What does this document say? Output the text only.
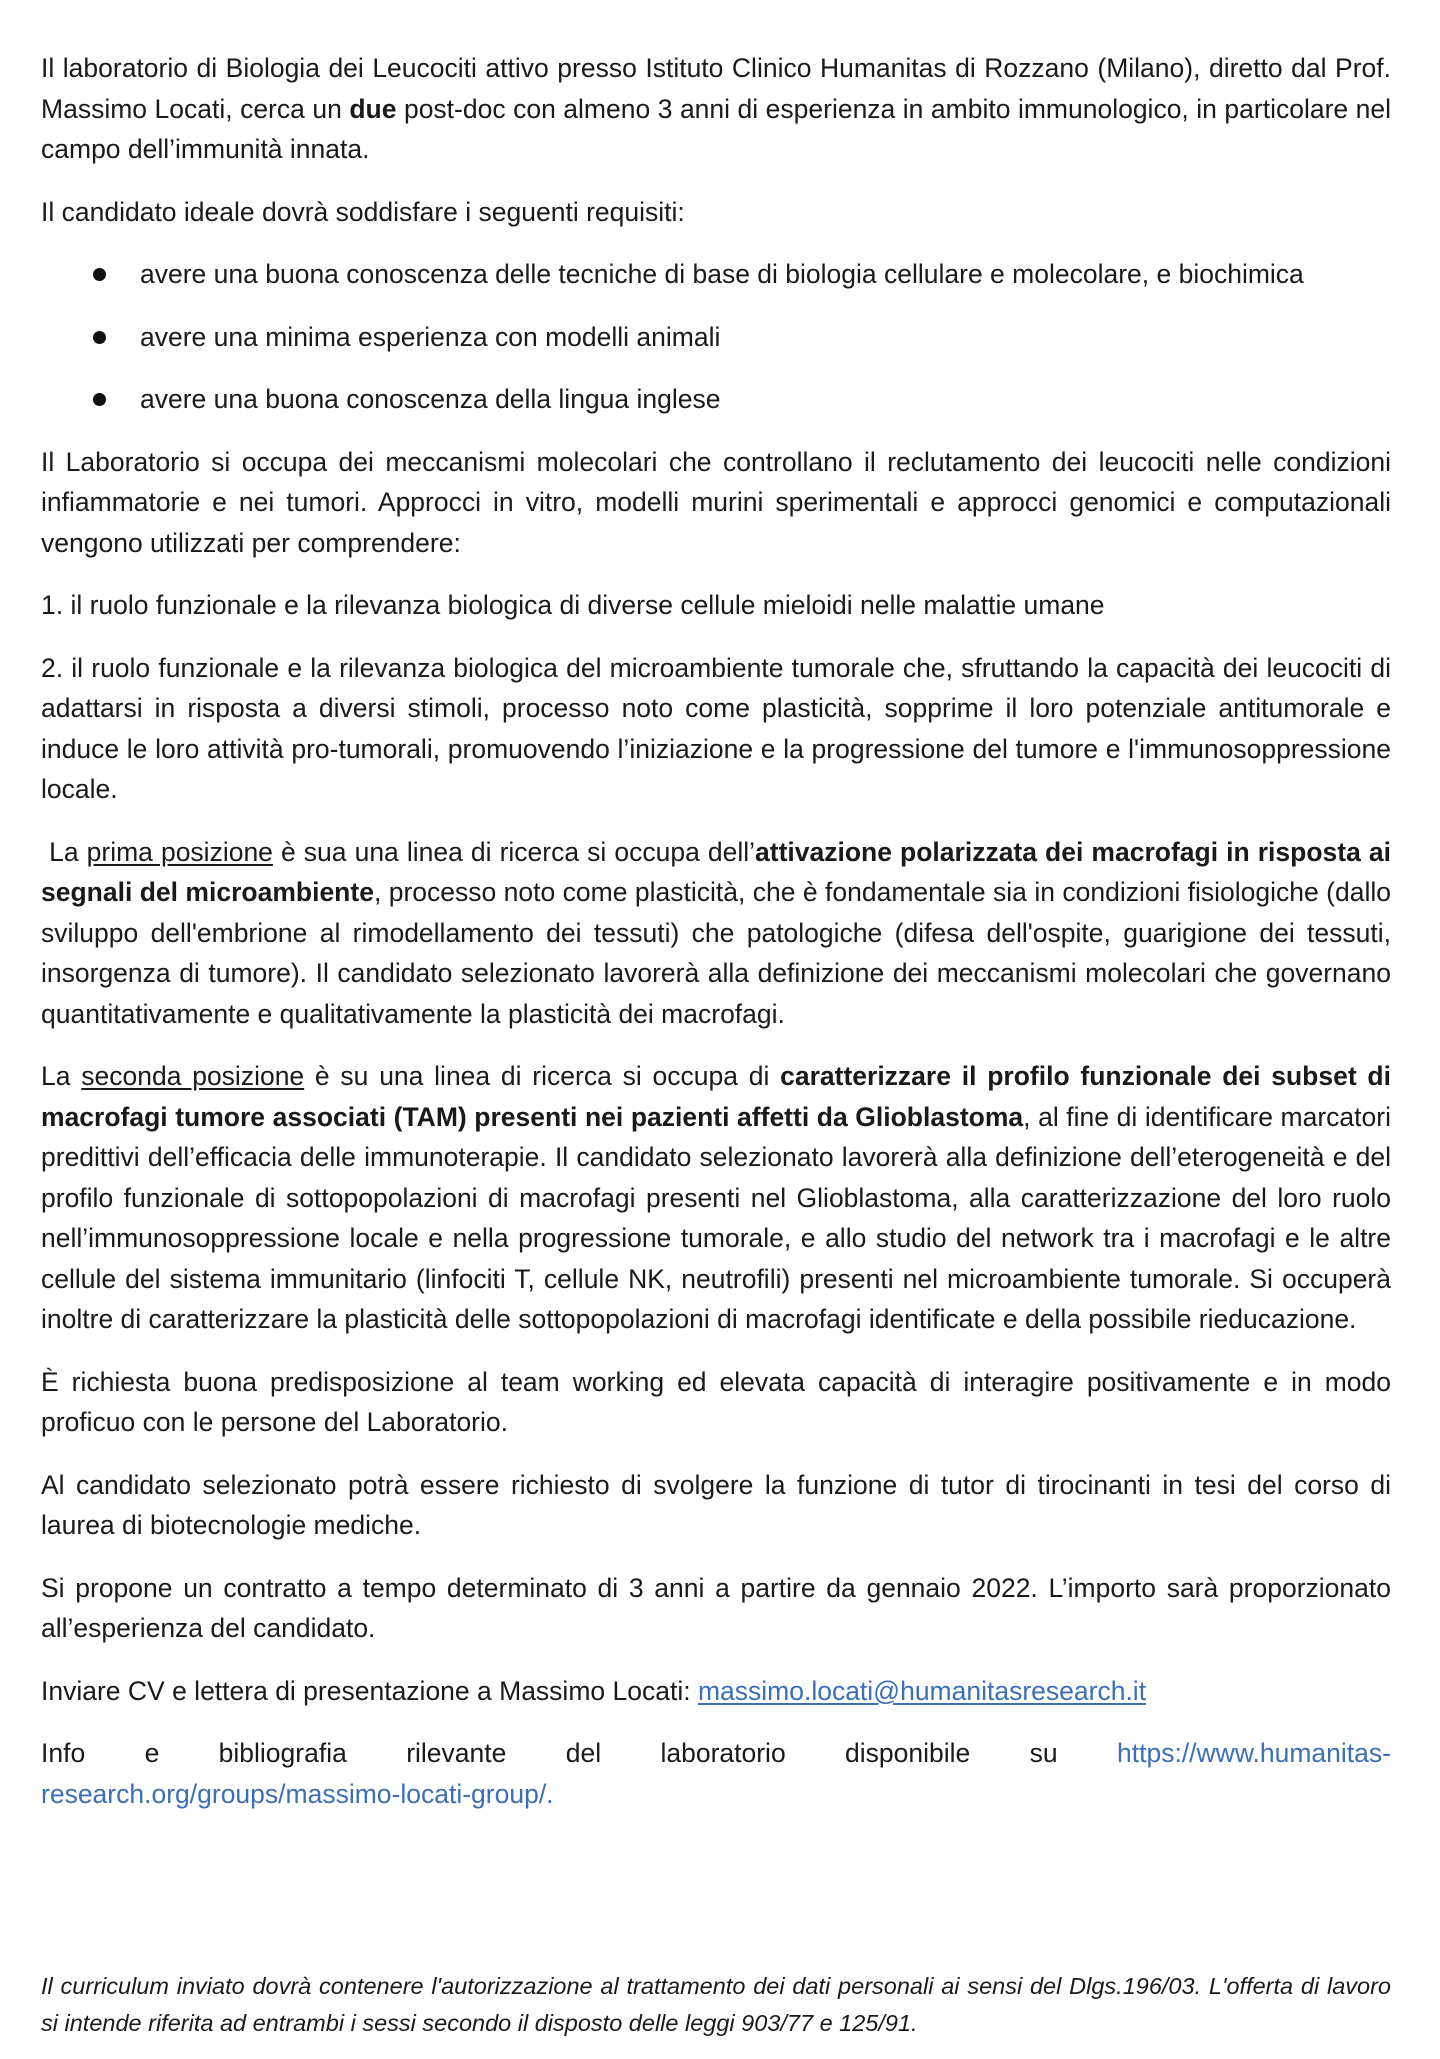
Il laboratorio di Biologia dei Leucociti attivo presso Istituto Clinico Humanitas di Rozzano (Milano), diretto dal Prof. Massimo Locati, cerca un due post-doc con almeno 3 anni di esperienza in ambito immunologico, in particolare nel campo dell’immunità innata.

Il candidato ideale dovrà soddisfare i seguenti requisiti:

avere una buona conoscenza delle tecniche di base di biologia cellulare e molecolare, e biochimica
avere una minima esperienza con modelli animali
avere una buona conoscenza della lingua inglese

Il Laboratorio si occupa dei meccanismi molecolari che controllano il reclutamento dei leucociti nelle condizioni infiammatorie e nei tumori. Approcci in vitro, modelli murini sperimentali e approcci genomici e computazionali vengono utilizzati per comprendere:

1. il ruolo funzionale e la rilevanza biologica di diverse cellule mieloidi nelle malattie umane

2. il ruolo funzionale e la rilevanza biologica del microambiente tumorale che, sfruttando la capacità dei leucociti di adattarsi in risposta a diversi stimoli, processo noto come plasticità, sopprime il loro potenziale antitumorale e induce le loro attività pro-tumorali, promuovendo l’iniziazione e la progressione del tumore e l'immunosoppressione locale.

La prima posizione è sua una linea di ricerca si occupa dell’attivazione polarizzata dei macrofagi in risposta ai segnali del microambiente, processo noto come plasticità, che è fondamentale sia in condizioni fisiologiche (dallo sviluppo dell'embrione al rimodellamento dei tessuti) che patologiche (difesa dell'ospite, guarigione dei tessuti, insorgenza di tumore). Il candidato selezionato lavorerà alla definizione dei meccanismi molecolari che governano quantitativamente e qualitativamente la plasticità dei macrofagi.

La seconda posizione è su una linea di ricerca si occupa di caratterizzare il profilo funzionale dei subset di macrofagi tumore associati (TAM) presenti nei pazienti affetti da Glioblastoma, al fine di identificare marcatori predittivi dell’efficacia delle immunoterapie. Il candidato selezionato lavorerà alla definizione dell’eterogeneità e del profilo funzionale di sottopopolazioni di macrofagi presenti nel Glioblastoma, alla caratterizzazione del loro ruolo nell’immunosoppressione locale e nella progressione tumorale, e allo studio del network tra i macrofagi e le altre cellule del sistema immunitario (linfociti T, cellule NK, neutrofili) presenti nel microambiente tumorale. Si occuperà inoltre di caratterizzare la plasticità delle sottopopolazioni di macrofagi identificate e della possibile rieducazione.

È richiesta buona predisposizione al team working ed elevata capacità di interagire positivamente e in modo proficuo con le persone del Laboratorio.

Al candidato selezionato potrà essere richiesto di svolgere la funzione di tutor di tirocinanti in tesi del corso di laurea di biotecnologie mediche.

Si propone un contratto a tempo determinato di 3 anni a partire da gennaio 2022. L’importo sarà proporzionato all’esperienza del candidato.

Inviare CV e lettera di presentazione a Massimo Locati: massimo.locati@humanitasresearch.it

Info e bibliografia rilevante del laboratorio disponibile su https://www.humanitas-

research.org/groups/massimo-locati-group/.

Il curriculum inviato dovrà contenere l'autorizzazione al trattamento dei dati personali ai sensi del Dlgs.196/03. L'offerta di lavoro si intende riferita ad entrambi i sessi secondo il disposto delle leggi 903/77 e 125/91.
